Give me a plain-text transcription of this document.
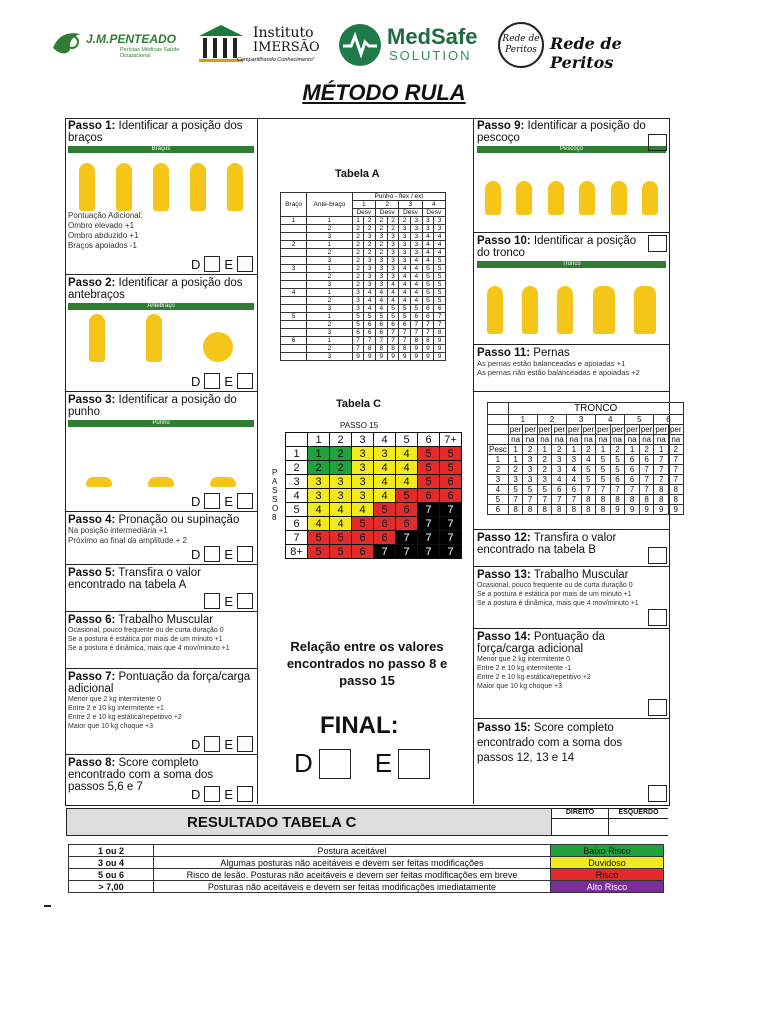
J.M.PENTEADO
Perícias Médicas Saúde Ocupacional
Instituto
IMERSÃO
"Compartilhando Conhecimento"
MedSafe
SOLUTION
Rede de Peritos Rede de Peritos
MÉTODO RULA
Passo 1: Identificar a posição dos braços
Braços
Pontuação Adicional:
Ombro elevado +1
Ombro abduzido +1
Braços apoiados -1
D E
Passo 2: Identificar a posição dos antebraços
Antebraço
D E
Passo 3: Identificar a posição do punho
Punho
D E
Passo 4: Pronação ou supinação
Na posição intermediária +1
Próximo ao final da amplitude + 2
D E
Passo 5: Transfira o valor encontrado na tabela A
E
Passo 6: Trabalho Muscular
Ocasional, pouco frequente ou de curta duração 0
Se a postura é estática por mais de um minuto +1
Se a postura é dinâmica, mais que 4 mov/minuto +1
Passo 7: Pontuação da força/carga adicional
Menor que 2 kg intermitente 0
Entre 2 e 10 kg intermitente +1
Entre 2 e 10 kg estática/repetitivo +2
Maior que 10 kg choque +3
D E
Passo 8: Score completo encontrado com a soma dos passos 5,6 e 7	D E
Tabela A
Braço	Ante-braço	Punho - flex / ext							
		1		2		3		4	
		Desv		Desv		Desv		Desv	
1	1	1	2	2	2	2	3	3	3
	2	2	2	2	2	3	3	3	3
	3	2	3	3	3	3	3	4	4
2	1	2	2	2	3	3	3	4	4
	2	2	2	2	3	3	3	4	4
	3	2	3	3	3	3	4	4	5
3	1	2	3	3	3	4	4	5	5
	2	2	3	3	3	4	4	5	5
	3	2	3	3	4	4	4	5	5
4	1	3	4	4	4	4	4	5	5
	2	3	4	4	4	4	4	5	5
	3	3	4	4	5	5	5	6	6
5	1	5	5	5	5	5	6	6	7
	2	5	6	6	6	6	7	7	7
	3	6	6	6	7	7	7	7	8
6	1	7	7	7	7	7	8	8	9
	2	7	8	8	8	8	9	9	9
	3	9	9	9	9	9	9	9	9
Tabela C
PASSO 15
PASSO 8
	1	2	3	4	5	6	7+
1	1	2	3	3	4	5	5
2	2	2	3	4	4	5	5
3	3	3	3	4	4	5	6
4	3	3	3	4	5	6	6
5	4	4	4	5	6	7	7
6	4	4	5	6	6	7	7
7	5	5	6	6	7	7	7
8+	5	5	6	7	7	7	7
Relação entre os valores encontrados no passo 8 e passo 15
FINAL:
D E
Passo 9: Identificar a posição do pescoço
Pescoço
Passo 10: Identificar a posição do tronco
Tronco
Passo 11: Pernas
As pernas estão balanceadas e apoiadas +1
As pernas não estão balanceadas e apoiadas +2
	TRONCO											
	1		2		3		4		5		6	
	per	per	per	per	per	per	per	per	per	per	per	per
	na	na	na	na	na	na	na	na	na	na	na	na
Pesc	1	2	1	2	1	2	1	2	1	2	1	2
1	1	3	2	3	3	4	5	5	6	6	7	7
2	2	3	2	3	4	5	5	5	6	7	7	7
3	3	3	3	4	4	5	5	6	6	7	7	7
4	5	5	5	6	6	7	7	7	7	7	8	8
5	7	7	7	7	7	8	8	8	8	8	8	8
6	8	8	8	8	8	8	8	9	9	9	9	9
Passo 12: Transfira o valor encontrado na tabela B
Passo 13: Trabalho Muscular
Ocasional, pouco frequente ou de curta duração 0
Se a postura é estática por mais de um minuto +1
Se a postura é dinâmica, mais que 4 mov/minuto +1
Passo 14: Pontuação da força/carga adicional
Menor que 2 kg intermitente 0
Entre 2 e 10 kg intermitente -1
Entre 2 e 10 kg estática/repetitivo +2
Maior que 10 kg choque +3
Passo 15: Score completo encontrado com a soma dos passos 12, 13 e 14
RESULTADO TABELA C
DIREITO	ESQUERDO
1 ou 2	Postura aceitável	Baixo Risco
3 ou 4	Algumas posturas não aceitáveis e devem ser feitas modificações	Duvidoso
5 ou 6	Risco de lesão. Posturas não aceitáveis e devem ser feitas modificações em breve	Risco
> 7,00	Posturas não aceitáveis e devem ser feitas modificações imediatamente	Alto Risco
